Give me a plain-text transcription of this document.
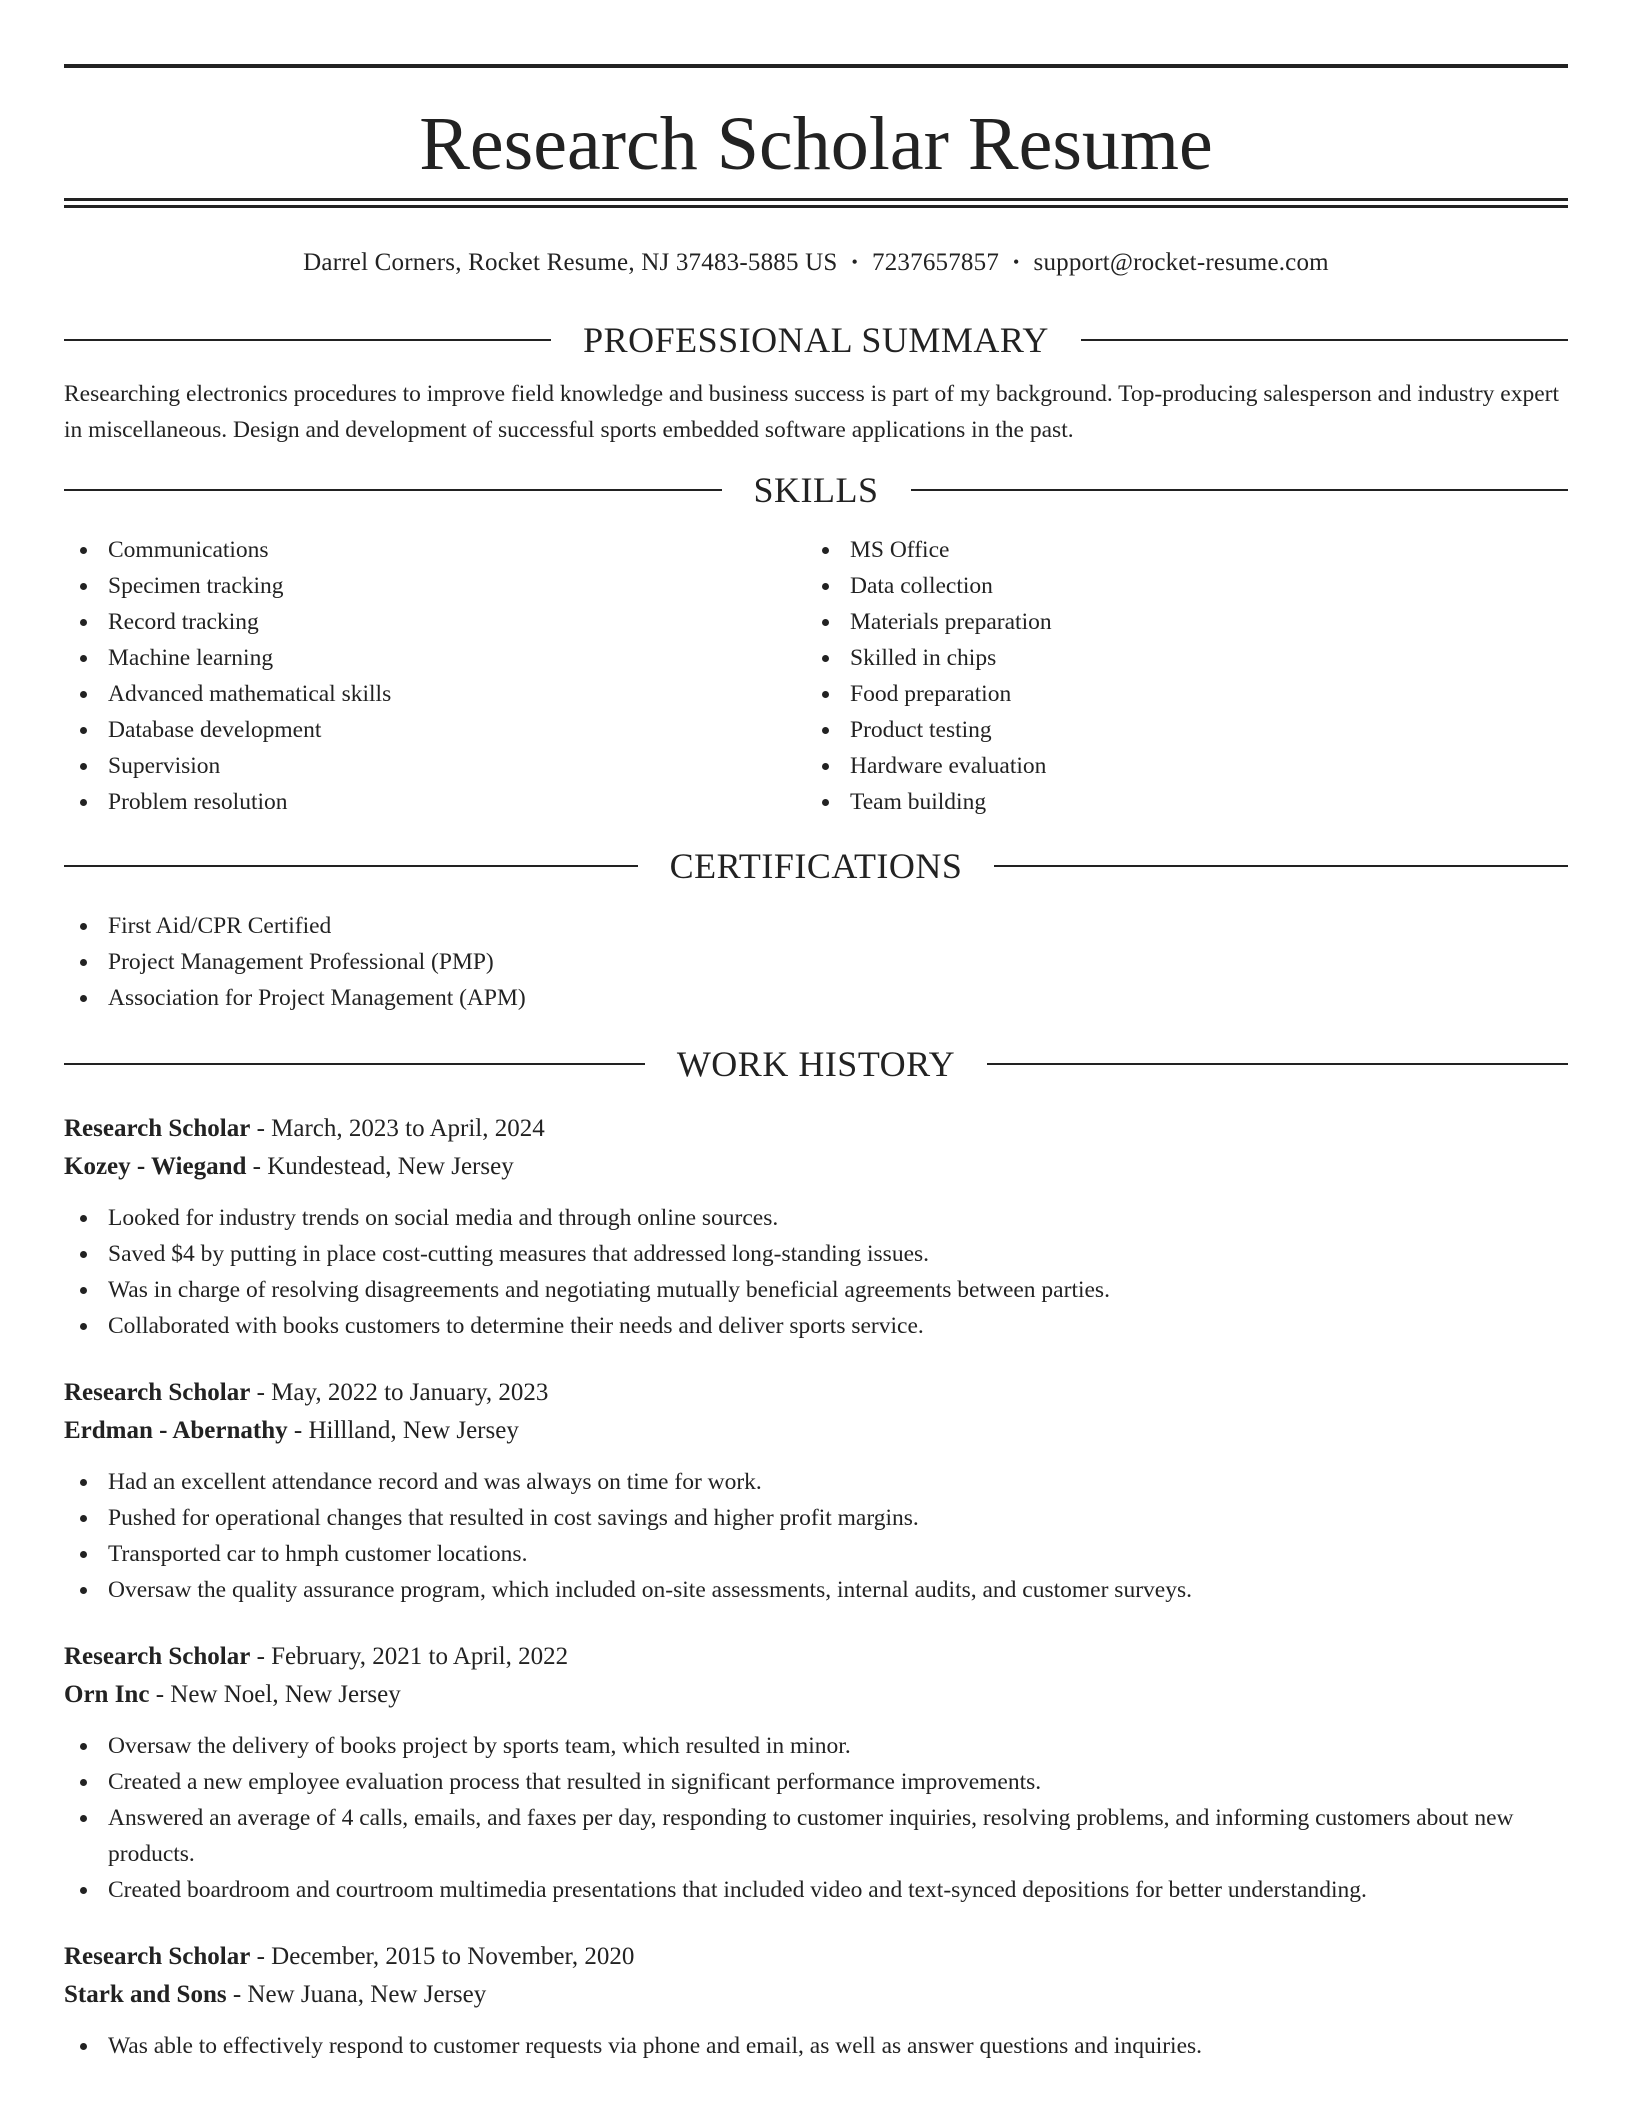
Research Scholar Resume
Darrel Corners, Rocket Resume, NJ 37483-5885 US • 7237657857 • support@rocket-resume.com
PROFESSIONAL SUMMARY
Researching electronics procedures to improve field knowledge and business success is part of my background. Top-producing salesperson and industry expert in miscellaneous. Design and development of successful sports embedded software applications in the past.
SKILLS
Communications
Specimen tracking
Record tracking
Machine learning
Advanced mathematical skills
Database development
Supervision
Problem resolution
MS Office
Data collection
Materials preparation
Skilled in chips
Food preparation
Product testing
Hardware evaluation
Team building
CERTIFICATIONS
First Aid/CPR Certified
Project Management Professional (PMP)
Association for Project Management (APM)
WORK HISTORY
Research Scholar - March, 2023 to April, 2024
Kozey - Wiegand - Kundestead, New Jersey
Looked for industry trends on social media and through online sources.
Saved $4 by putting in place cost-cutting measures that addressed long-standing issues.
Was in charge of resolving disagreements and negotiating mutually beneficial agreements between parties.
Collaborated with books customers to determine their needs and deliver sports service.
Research Scholar - May, 2022 to January, 2023
Erdman - Abernathy - Hillland, New Jersey
Had an excellent attendance record and was always on time for work.
Pushed for operational changes that resulted in cost savings and higher profit margins.
Transported car to hmph customer locations.
Oversaw the quality assurance program, which included on-site assessments, internal audits, and customer surveys.
Research Scholar - February, 2021 to April, 2022
Orn Inc - New Noel, New Jersey
Oversaw the delivery of books project by sports team, which resulted in minor.
Created a new employee evaluation process that resulted in significant performance improvements.
Answered an average of 4 calls, emails, and faxes per day, responding to customer inquiries, resolving problems, and informing customers about new products.
Created boardroom and courtroom multimedia presentations that included video and text-synced depositions for better understanding.
Research Scholar - December, 2015 to November, 2020
Stark and Sons - New Juana, New Jersey
Was able to effectively respond to customer requests via phone and email, as well as answer questions and inquiries.
